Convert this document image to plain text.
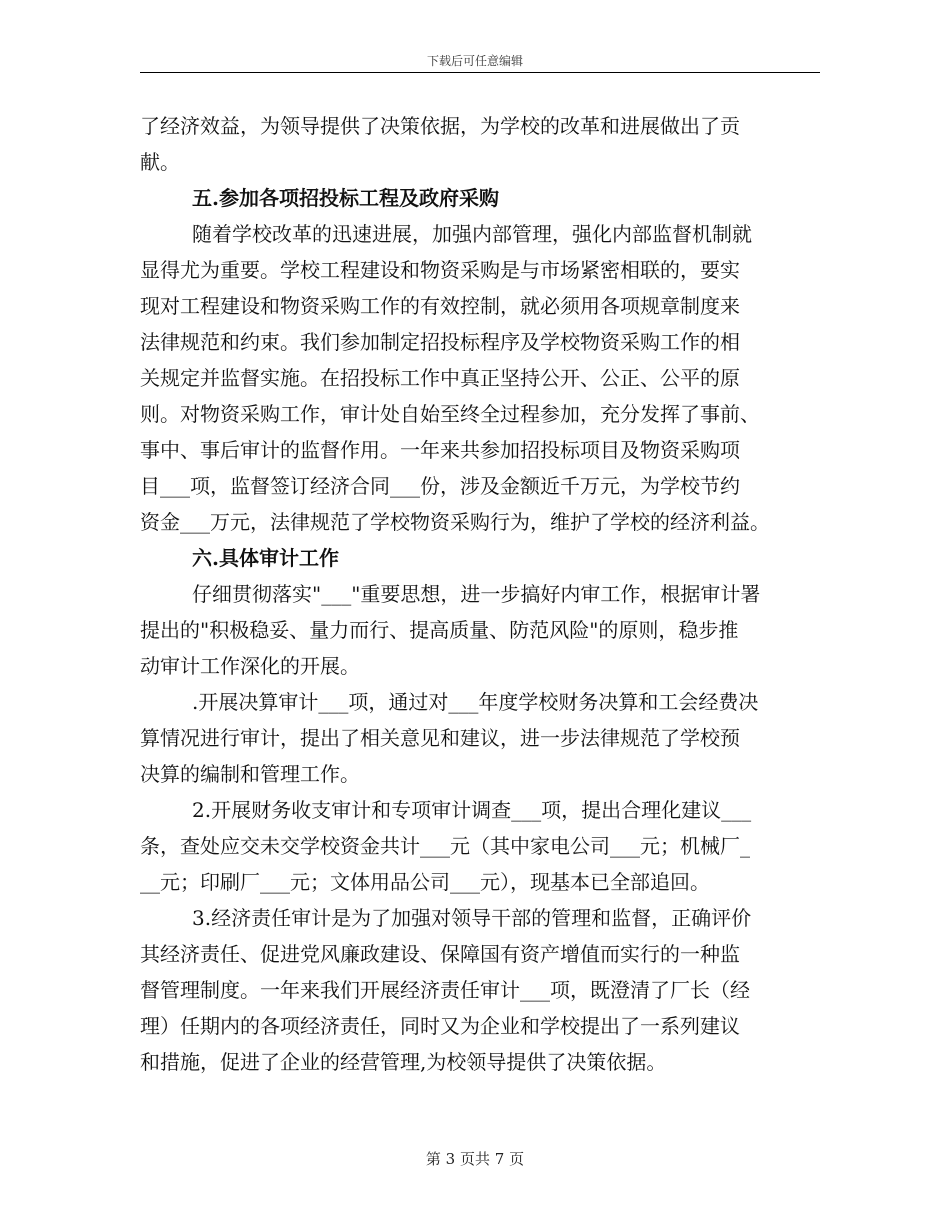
下载后可任意编辑
了经济效益，为领导提供了决策依据，为学校的改革和进展做出了贡
献。
五.参加各项招投标工程及政府采购
随着学校改革的迅速进展，加强内部管理，强化内部监督机制就
显得尤为重要。学校工程建设和物资采购是与市场紧密相联的，要实
现对工程建设和物资采购工作的有效控制，就必须用各项规章制度来
法律规范和约束。我们参加制定招投标程序及学校物资采购工作的相
关规定并监督实施。在招投标工作中真正坚持公开、公正、公平的原
则。对物资采购工作，审计处自始至终全过程参加，充分发挥了事前、
事中、事后审计的监督作用。一年来共参加招投标项目及物资采购项
目___项，监督签订经济合同___份，涉及金额近千万元，为学校节约
资金___万元，法律规范了学校物资采购行为，维护了学校的经济利益。
六.具体审计工作
仔细贯彻落实"___"重要思想，进一步搞好内审工作，根据审计署
提出的"积极稳妥、量力而行、提高质量、防范风险"的原则，稳步推
动审计工作深化的开展。
.开展决算审计___项，通过对___年度学校财务决算和工会经费决
算情况进行审计，提出了相关意见和建议，进一步法律规范了学校预
决算的编制和管理工作。
2.开展财务收支审计和专项审计调查___项，提出合理化建议___
条，查处应交未交学校资金共计___元（其中家电公司___元；机械厂_
__元；印刷厂___元；文体用品公司___元），现基本已全部追回。
3.经济责任审计是为了加强对领导干部的管理和监督，正确评价
其经济责任、促进党风廉政建设、保障国有资产增值而实行的一种监
督管理制度。一年来我们开展经济责任审计___项，既澄清了厂长（经
理）任期内的各项经济责任，同时又为企业和学校提出了一系列建议
和措施，促进了企业的经营管理,为校领导提供了决策依据。
第 3 页共 7 页
